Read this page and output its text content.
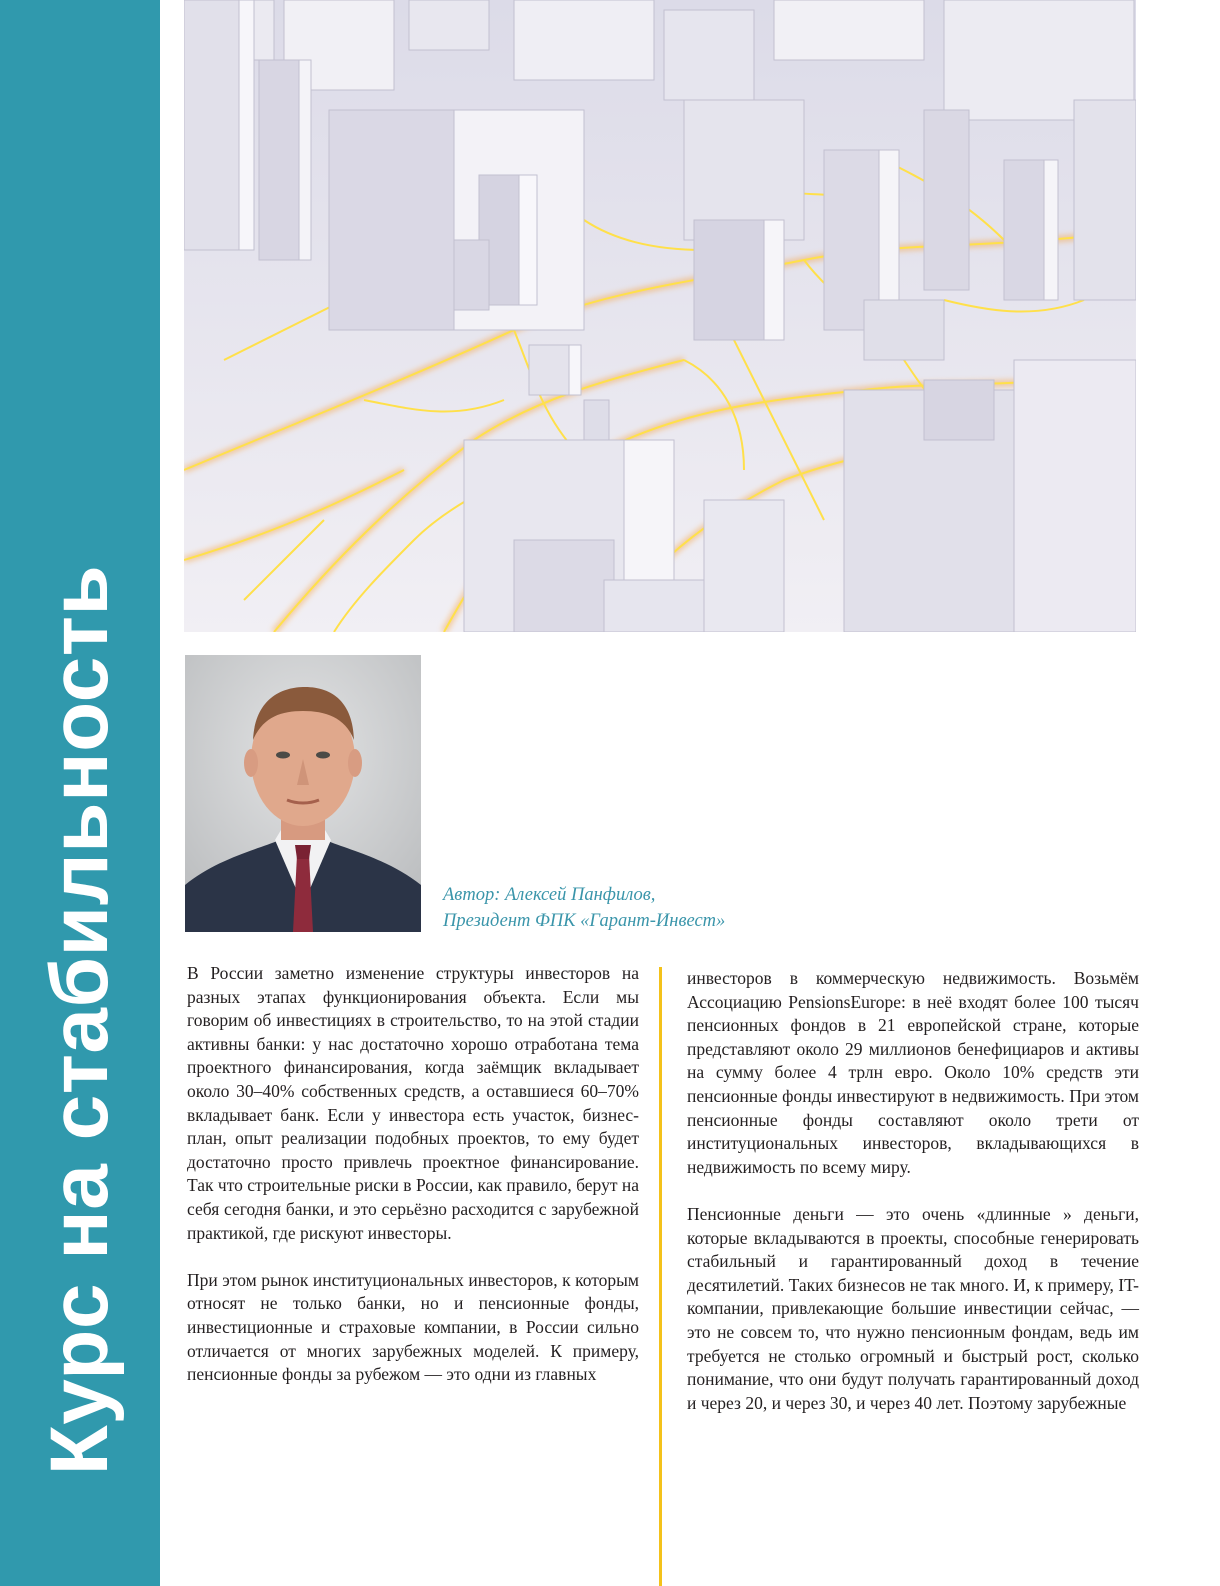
Курс на стабильность	Автор: Алексей Панфилов,
Президент ФПК «Гарант-Инвест»

В России заметно изменение структуры инвесторов на разных этапах функционирования объекта. Если мы говорим об инвестициях в строительство, то на этой стадии активны банки: у нас достаточно хорошо отработана тема проектного финансирования, когда заёмщик вкладывает около 30–40% собственных средств, а оставшиеся 60–70% вкладывает банк. Если у инвестора есть участок, бизнес-план, опыт реализации подобных проектов, то ему будет достаточно просто привлечь проектное финансирование. Так что строительные риски в России, как правило, берут на себя сегодня банки, и это серьёзно расходится с зарубежной практикой, где рискуют инвесторы.

При этом рынок институциональных инвесторов, к которым относят не только банки, но и пенсионные фонды, инвестиционные и страховые компании, в России сильно отличается от многих зарубежных моделей. К примеру, пенсионные фонды за рубежом — это одни из главных

инвесторов в коммерческую недвижимость. Возьмём Ассоциацию PensionsEurope: в неё входят более 100 тысяч пенсионных фондов в 21 европейской стране, которые представляют около 29 миллионов бенефициаров и активы на сумму более 4 трлн евро. Около 10% средств эти пенсионные фонды инвестируют в недвижимость. При этом пенсионные фонды составляют около трети от институциональных инвесторов, вкладывающихся в недвижимость по всему миру.

Пенсионные деньги — это очень «длинные » деньги, которые вкладываются в проекты, способные генерировать стабильный и гарантированный доход в течение десятилетий. Таких бизнесов не так много. И, к примеру, IT-компании, привлекающие большие инвестиции сейчас, — это не совсем то, что нужно пенсионным фондам, ведь им требуется не столько огромный и быстрый рост, сколько понимание, что они будут получать гарантированный доход и через 20, и через 30, и через 40 лет. Поэтому зарубежные
